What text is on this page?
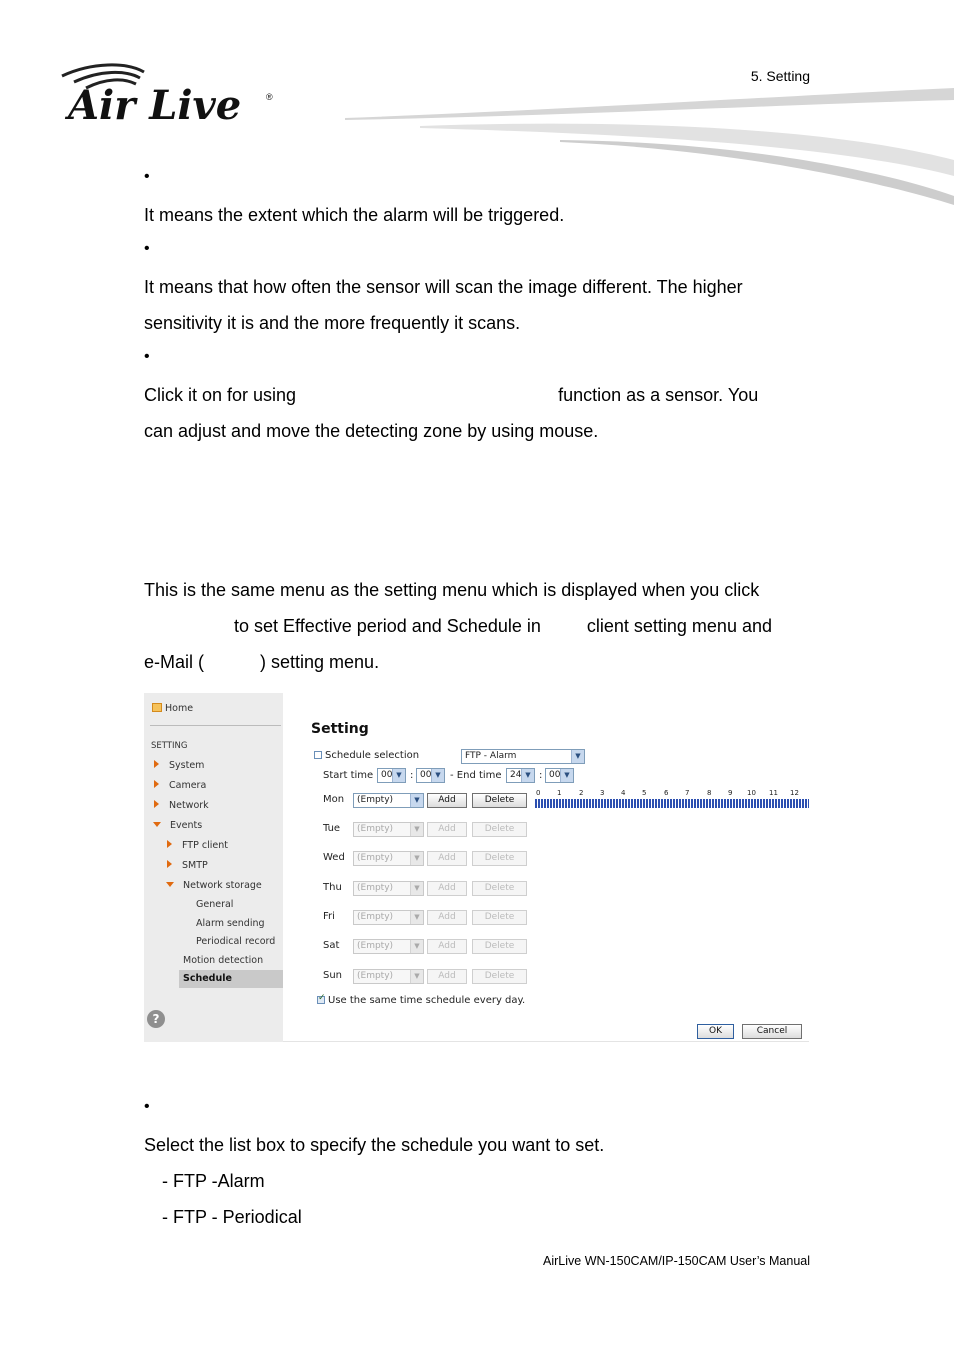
Air Live	®
5. Setting
•
It means the extent which the alarm will be triggered.
•
It means that how often the sensor will scan the image different. The higher
sensitivity it is and the more frequently it scans.
•
Click it on for using	function as a sensor. You
can adjust and move the detecting zone by using mouse.
This is the same menu as the setting menu which is displayed when you click
to set Effective period and Schedule in	client setting menu and
e-Mail (	) setting menu.
Home
SETTING
System
Camera
Network
Events
FTP client
SMTP
Network storage
General
Alarm sending
Periodical record
Motion detection
Schedule
?
Setting
Schedule selection	FTP - Alarm	▼
Start time 00 ▼ : 00 ▼ - End time 24 ▼ : 00 ▼
0 1	2 3 4 5	6 7	8 9 10 11 12
Mon	(Empty)	▼	Add	Delete
Tue	(Empty)	▼	Add	Delete
Wed	(Empty)	▼	Add	Delete
Thu	(Empty)	▼	Add	Delete
Fri	(Empty)	▼	Add	Delete
Sat	(Empty)	▼	Add	Delete
Sun	(Empty)	▼	Add	Delete
✓Use the same time schedule every day.
OK	Cancel
•
Select the list box to specify the schedule you want to set.
- FTP -Alarm
- FTP - Periodical
AirLive WN-150CAM/IP-150CAM User’s Manual
